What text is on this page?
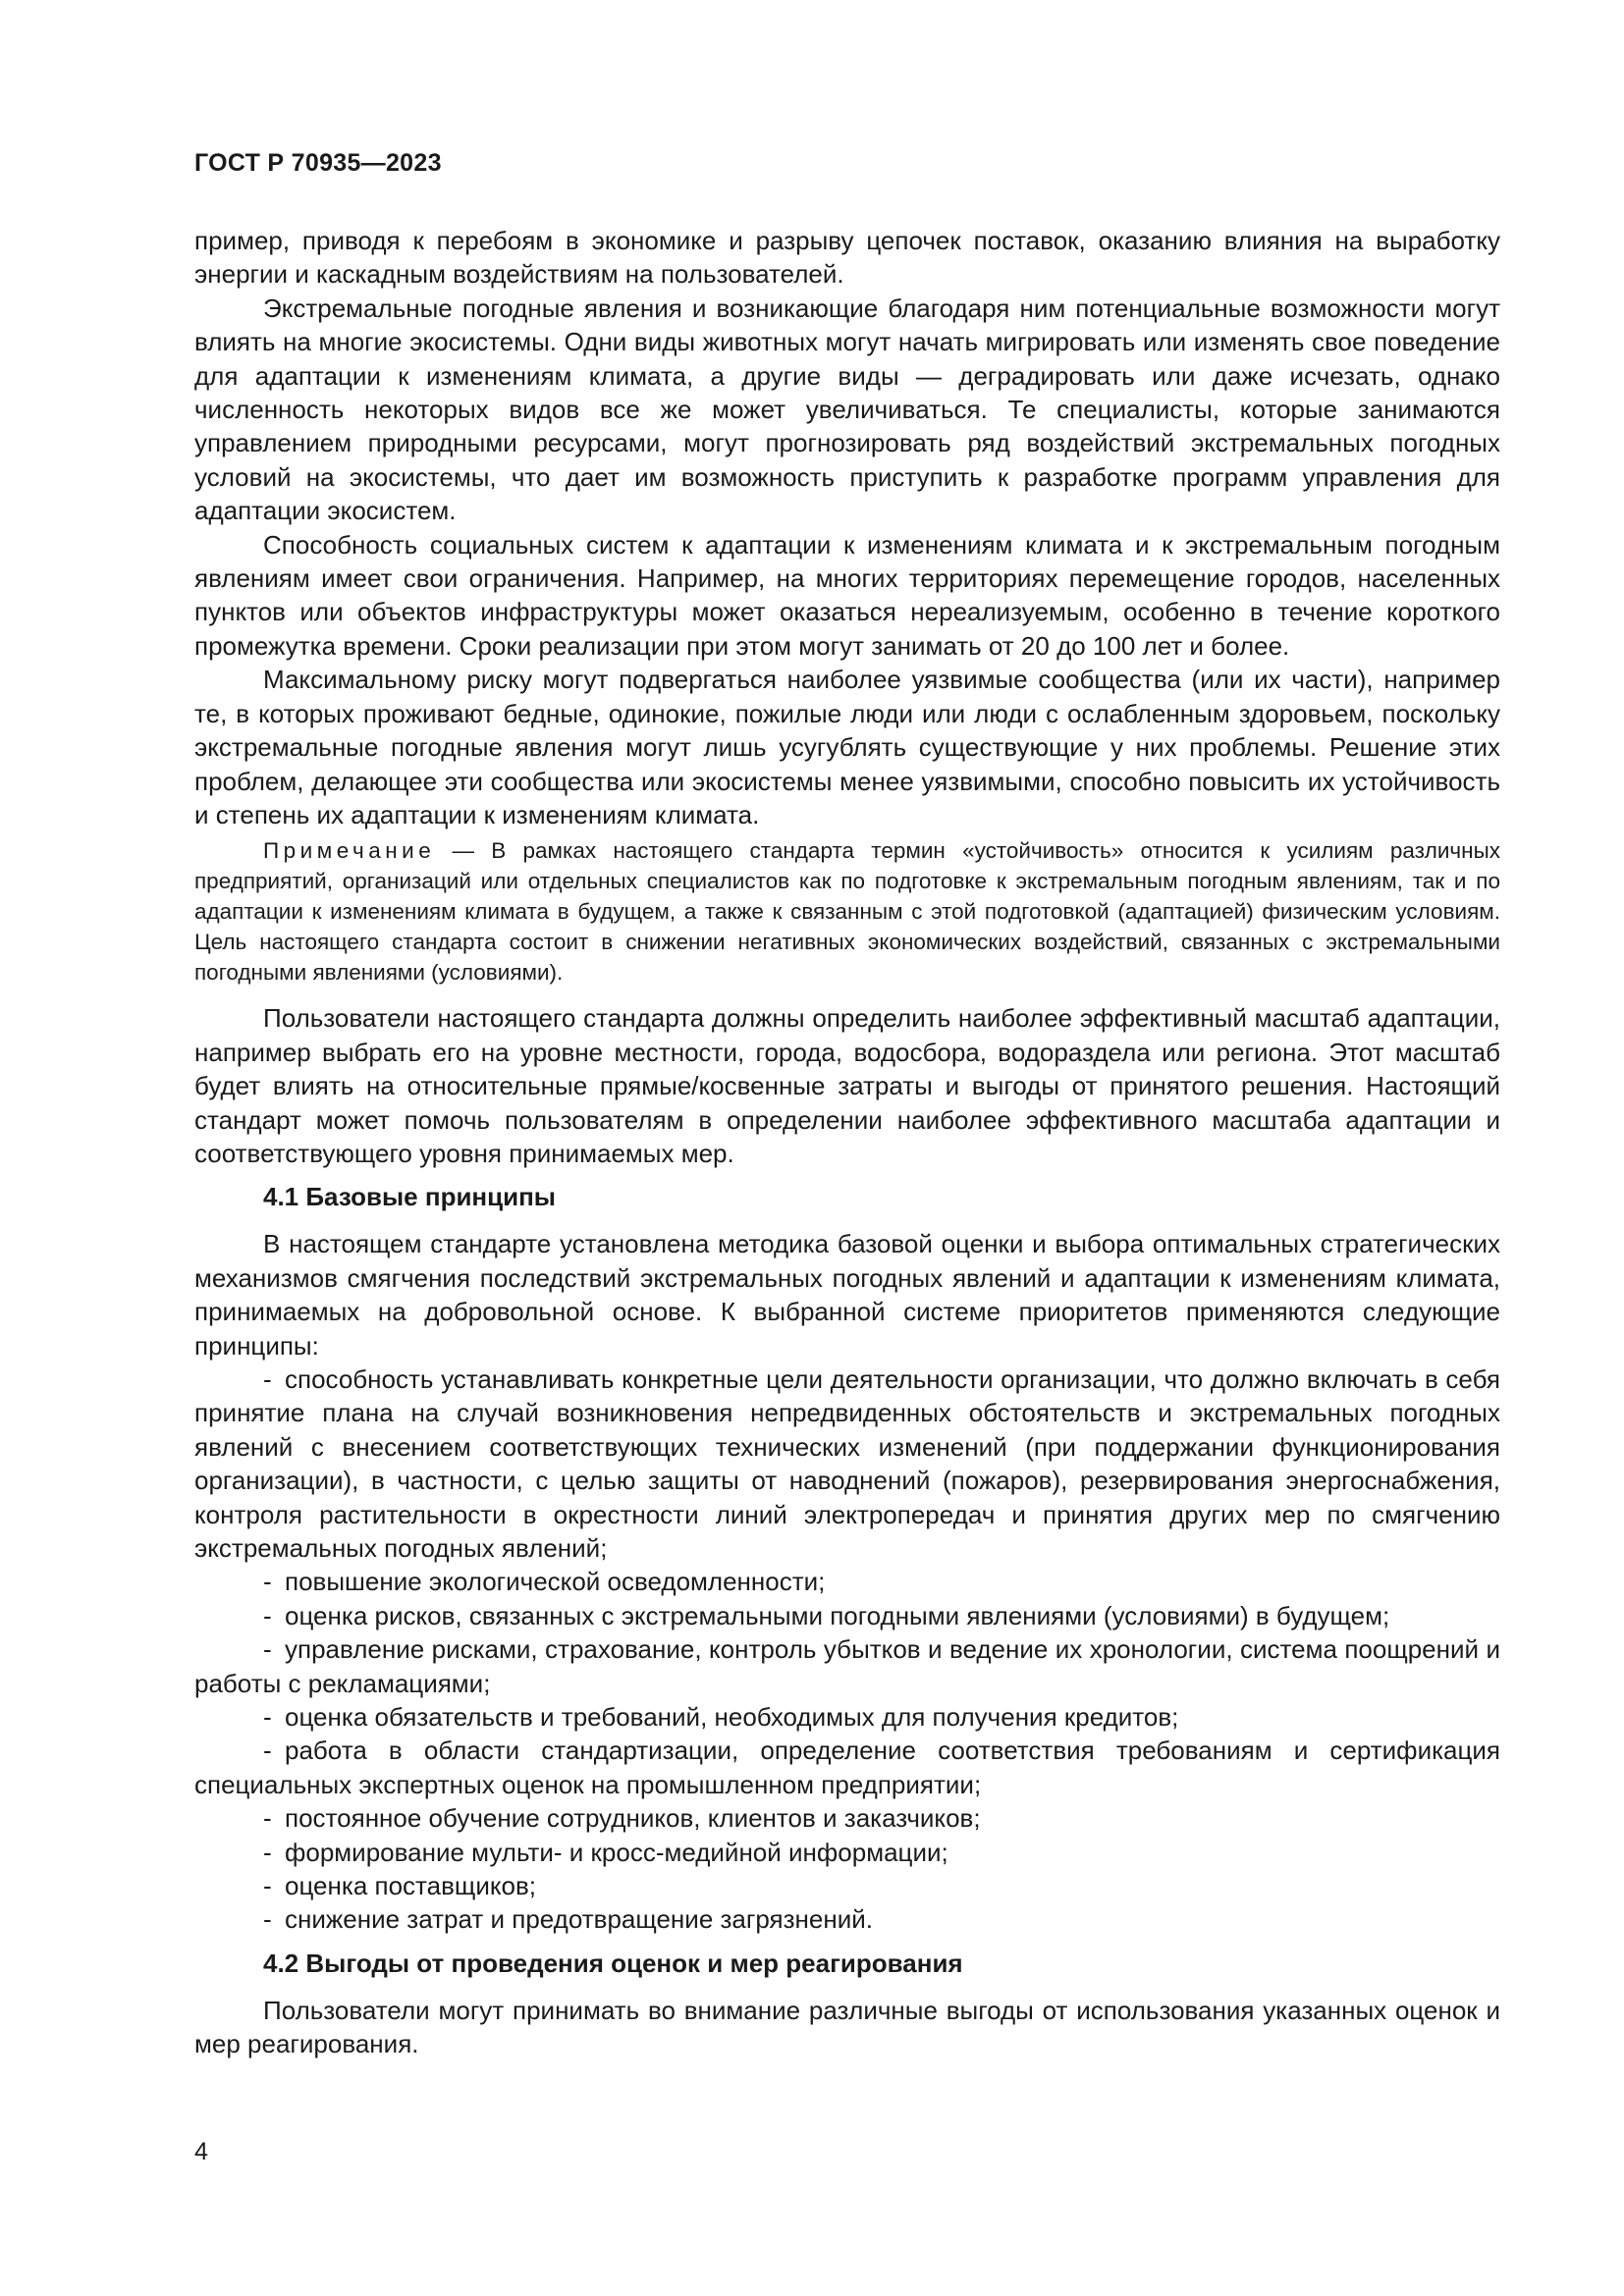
ГОСТ Р 70935—2023

пример, приводя к перебоям в экономике и разрыву цепочек поставок, оказанию влияния на выработку энергии и каскадным воздействиям на пользователей.

Экстремальные погодные явления и возникающие благодаря ним потенциальные возможности могут влиять на многие экосистемы. Одни виды животных могут начать мигрировать или изменять свое поведение для адаптации к изменениям климата, а другие виды — деградировать или даже исчезать, однако численность некоторых видов все же может увеличиваться. Те специалисты, которые занимаются управлением природными ресурсами, могут прогнозировать ряд воздействий экстремальных погодных условий на экосистемы, что дает им возможность приступить к разработке программ управления для адаптации экосистем.

Способность социальных систем к адаптации к изменениям климата и к экстремальным погодным явлениям имеет свои ограничения. Например, на многих территориях перемещение городов, населенных пунктов или объектов инфраструктуры может оказаться нереализуемым, особенно в течение короткого промежутка времени. Сроки реализации при этом могут занимать от 20 до 100 лет и более.

Максимальному риску могут подвергаться наиболее уязвимые сообщества (или их части), например те, в которых проживают бедные, одинокие, пожилые люди или люди с ослабленным здоровьем, поскольку экстремальные погодные явления могут лишь усугублять существующие у них проблемы. Решение этих проблем, делающее эти сообщества или экосистемы менее уязвимыми, способно повысить их устойчивость и степень их адаптации к изменениям климата.

Примечание — В рамках настоящего стандарта термин «устойчивость» относится к усилиям различных предприятий, организаций или отдельных специалистов как по подготовке к экстремальным погодным явлениям, так и по адаптации к изменениям климата в будущем, а также к связанным с этой подготовкой (адаптацией) физическим условиям. Цель настоящего стандарта состоит в снижении негативных экономических воздействий, связанных с экстремальными погодными явлениями (условиями).

Пользователи настоящего стандарта должны определить наиболее эффективный масштаб адаптации, например выбрать его на уровне местности, города, водосбора, водораздела или региона. Этот масштаб будет влиять на относительные прямые/косвенные затраты и выгоды от принятого решения. Настоящий стандарт может помочь пользователям в определении наиболее эффективного масштаба адаптации и соответствующего уровня принимаемых мер.

4.1 Базовые принципы

В настоящем стандарте установлена методика базовой оценки и выбора оптимальных стратегических механизмов смягчения последствий экстремальных погодных явлений и адаптации к изменениям климата, принимаемых на добровольной основе. К выбранной системе приоритетов применяются следующие принципы:

- способность устанавливать конкретные цели деятельности организации, что должно включать в себя принятие плана на случай возникновения непредвиденных обстоятельств и экстремальных погодных явлений с внесением соответствующих технических изменений (при поддержании функционирования организации), в частности, с целью защиты от наводнений (пожаров), резервирования энергоснабжения, контроля растительности в окрестности линий электропередач и принятия других мер по смягчению экстремальных погодных явлений;
- повышение экологической осведомленности;
- оценка рисков, связанных с экстремальными погодными явлениями (условиями) в будущем;
- управление рисками, страхование, контроль убытков и ведение их хронологии, система поощрений и работы с рекламациями;
- оценка обязательств и требований, необходимых для получения кредитов;
- работа в области стандартизации, определение соответствия требованиям и сертификация специальных экспертных оценок на промышленном предприятии;
- постоянное обучение сотрудников, клиентов и заказчиков;
- формирование мульти- и кросс-медийной информации;
- оценка поставщиков;
- снижение затрат и предотвращение загрязнений.
4.2 Выгоды от проведения оценок и мер реагирования

Пользователи могут принимать во внимание различные выгоды от использования указанных оценок и мер реагирования.

4
